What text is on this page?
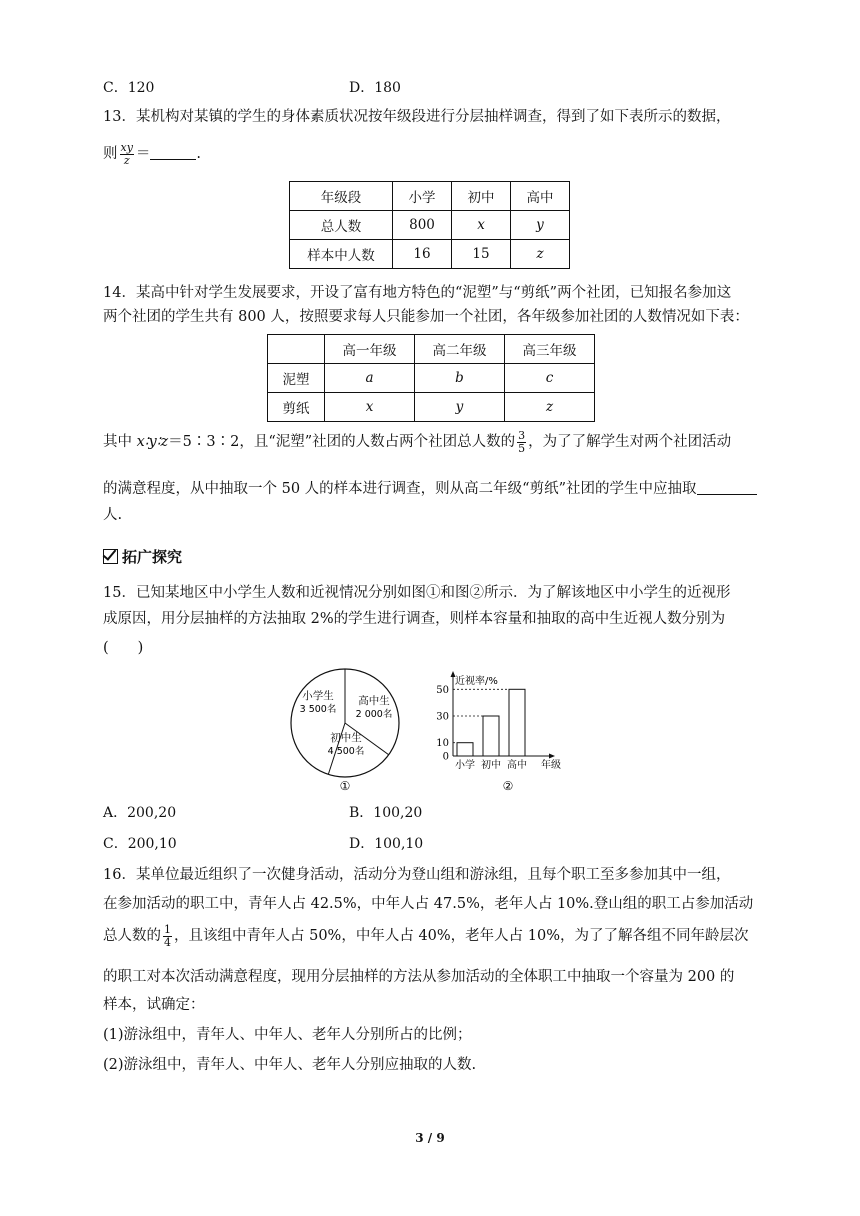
C．120	D．180
13．某机构对某镇的学生的身体素质状况按年级段进行分层抽样调查，得到了如下表所示的数据，
则 $\frac{xy}{z}$ ＝	.
年级段	小学	初中	高中
总人数	800	x	y
样本中人数	16	15	z
14．某高中针对学生发展要求，开设了富有地方特色的“泥塑”与“剪纸”两个社团，已知报名参加这
两个社团的学生共有 800 人，按照要求每人只能参加一个社团，各年级参加社团的人数情况如下表：
	高一年级	高二年级	高三年级
泥塑	a	b	c
剪纸	x	y	z
其中 x∶y∶z＝5∶3∶2，且“泥塑”社团的人数占两个社团总人数的 $\frac{3}{5}$ ，为了了解学生对两个社团活动
的满意程度，从中抽取一个 50 人的样本进行调查，则从高二年级“剪纸”社团的学生中应抽取
人.
拓广探究
15．已知某地区中小学生人数和近视情况分别如图①和图②所示．为了解该地区中小学生的近视形
成原因，用分层抽样的方法抽取 2%的学生进行调查，则样本容量和抽取的高中生近视人数分别为
(　　)
小学生
3 500名
高中生
2 000名
初中生
4 500名
①
近视率/%
年级
0
10
30
50
小学 初中 高中
②
A．200,20	B．100,20
C．200,10	D．100,10
16．某单位最近组织了一次健身活动，活动分为登山组和游泳组，且每个职工至多参加其中一组，
在参加活动的职工中，青年人占 42.5%，中年人占 47.5%，老年人占 10%.登山组的职工占参加活动
总人数的 $\frac{1}{4}$ ，且该组中青年人占 50%，中年人占 40%，老年人占 10%，为了了解各组不同年龄层次
的职工对本次活动满意程度，现用分层抽样的方法从参加活动的全体职工中抽取一个容量为 200 的
样本，试确定：
(1)游泳组中，青年人、中年人、老年人分别所占的比例；
(2)游泳组中，青年人、中年人、老年人分别应抽取的人数.
3 / 9
